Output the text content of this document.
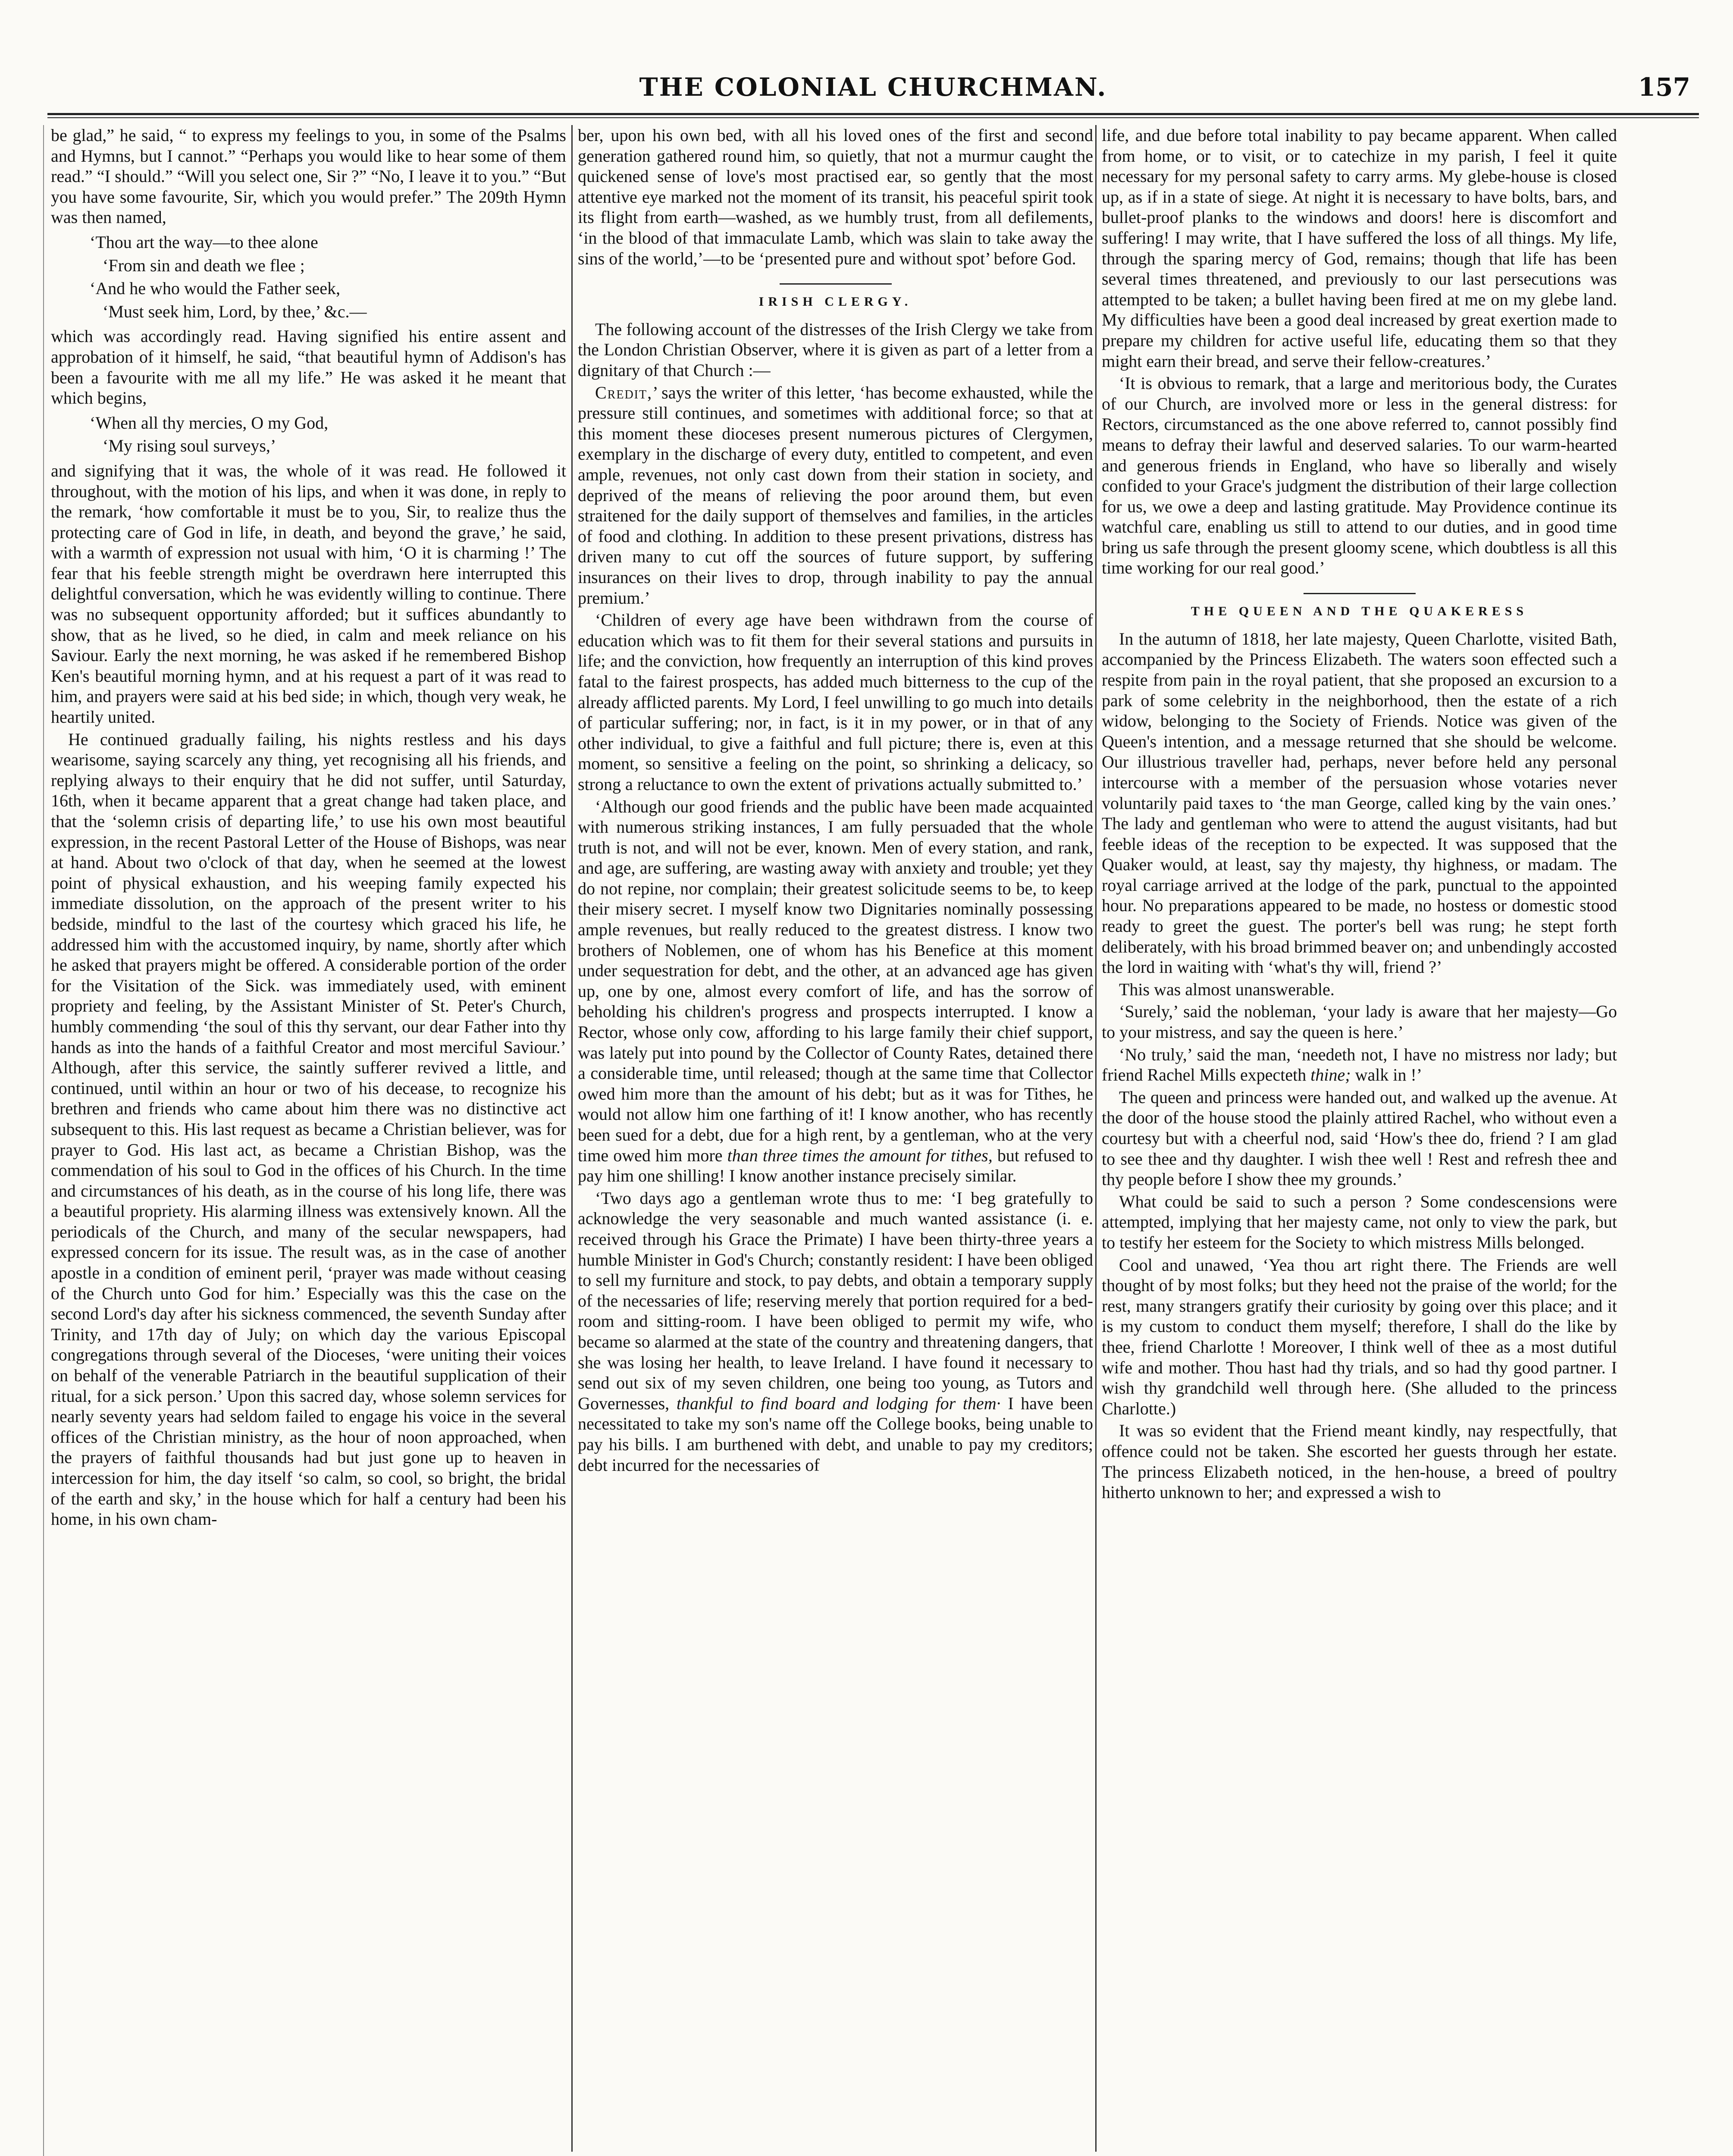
THE COLONIAL CHURCHMAN.	157

be glad,” he said, “ to express my feelings to you, in some of the Psalms and Hymns, but I cannot.” “Perhaps you would like to hear some of them read.” “I should.” “Will you select one, Sir ?” “No, I leave it to you.” “But you have some favourite, Sir, which you would prefer.” The 209th Hymn was then named,

‘Thou art the way—to thee alone
‘From sin and death we flee ;
‘And he who would the Father seek,
‘Must seek him, Lord, by thee,’ &c.—

which was accordingly read. Having signified his entire assent and approbation of it himself, he said, “that beautiful hymn of Addison's has been a favourite with me all my life.” He was asked it he meant that which begins,

‘When all thy mercies, O my God,
‘My rising soul surveys,’

and signifying that it was, the whole of it was read. He followed it throughout, with the motion of his lips, and when it was done, in reply to the remark, ‘how comfortable it must be to you, Sir, to realize thus the protecting care of God in life, in death, and beyond the grave,’ he said, with a warmth of expression not usual with him, ‘O it is charming !’ The fear that his feeble strength might be overdrawn here interrupted this delightful conversation, which he was evidently willing to continue. There was no subsequent opportunity afforded; but it suffices abundantly to show, that as he lived, so he died, in calm and meek reliance on his Saviour. Early the next morning, he was asked if he remembered Bishop Ken's beautiful morning hymn, and at his request a part of it was read to him, and prayers were said at his bed side; in which, though very weak, he heartily united.

He continued gradually failing, his nights restless and his days wearisome, saying scarcely any thing, yet recognising all his friends, and replying always to their enquiry that he did not suffer, until Saturday, 16th, when it became apparent that a great change had taken place, and that the ‘solemn crisis of departing life,’ to use his own most beautiful expression, in the recent Pastoral Letter of the House of Bishops, was near at hand. About two o'clock of that day, when he seemed at the lowest point of physical exhaustion, and his weeping family expected his immediate dissolution, on the approach of the present writer to his bedside, mindful to the last of the courtesy which graced his life, he addressed him with the accustomed inquiry, by name, shortly after which he asked that prayers might be offered. A considerable portion of the order for the Visitation of the Sick. was immediately used, with eminent propriety and feeling, by the Assistant Minister of St. Peter's Church, humbly commending ‘the soul of this thy servant, our dear Father into thy hands as into the hands of a faithful Creator and most merciful Saviour.’ Although, after this service, the saintly sufferer revived a little, and continued, until within an hour or two of his decease, to recognize his brethren and friends who came about him there was no distinctive act subsequent to this. His last request as became a Christian believer, was for prayer to God. His last act, as became a Christian Bishop, was the commendation of his soul to God in the offices of his Church. In the time and circumstances of his death, as in the course of his long life, there was a beautiful propriety. His alarming illness was extensively known. All the periodicals of the Church, and many of the secular newspapers, had expressed concern for its issue. The result was, as in the case of another apostle in a condition of eminent peril, ‘prayer was made without ceasing of the Church unto God for him.’ Especially was this the case on the second Lord's day after his sickness commenced, the seventh Sunday after Trinity, and 17th day of July; on which day the various Episcopal congregations through several of the Dioceses, ‘were uniting their voices on behalf of the venerable Patriarch in the beautiful supplication of their ritual, for a sick person.’ Upon this sacred day, whose solemn services for nearly seventy years had seldom failed to engage his voice in the several offices of the Christian ministry, as the hour of noon approached, when the prayers of faithful thousands had but just gone up to heaven in intercession for him, the day itself ‘so calm, so cool, so bright, the bridal of the earth and sky,’ in the house which for half a century had been his home, in his own cham-

ber, upon his own bed, with all his loved ones of the first and second generation gathered round him, so quietly, that not a murmur caught the quickened sense of love's most practised ear, so gently that the most attentive eye marked not the moment of its transit, his peaceful spirit took its flight from earth—washed, as we humbly trust, from all defilements, ‘in the blood of that immaculate Lamb, which was slain to take away the sins of the world,’—to be ‘presented pure and without spot’ before God.

IRISH CLERGY.

The following account of the distresses of the Irish Clergy we take from the London Christian Observer, where it is given as part of a letter from a dignitary of that Church :—

Credit,’ says the writer of this letter, ‘has become exhausted, while the pressure still continues, and sometimes with additional force; so that at this moment these dioceses present numerous pictures of Clergymen, exemplary in the discharge of every duty, entitled to competent, and even ample, revenues, not only cast down from their station in society, and deprived of the means of relieving the poor around them, but even straitened for the daily support of themselves and families, in the articles of food and clothing. In addition to these present privations, distress has driven many to cut off the sources of future support, by suffering insurances on their lives to drop, through inability to pay the annual premium.’

‘Children of every age have been withdrawn from the course of education which was to fit them for their several stations and pursuits in life; and the conviction, how frequently an interruption of this kind proves fatal to the fairest prospects, has added much bitterness to the cup of the already afflicted parents. My Lord, I feel unwilling to go much into details of particular suffering; nor, in fact, is it in my power, or in that of any other individual, to give a faithful and full picture; there is, even at this moment, so sensitive a feeling on the point, so shrinking a delicacy, so strong a reluctance to own the extent of privations actually submitted to.’

‘Although our good friends and the public have been made acquainted with numerous striking instances, I am fully persuaded that the whole truth is not, and will not be ever, known. Men of every station, and rank, and age, are suffering, are wasting away with anxiety and trouble; yet they do not repine, nor complain; their greatest solicitude seems to be, to keep their misery secret. I myself know two Dignitaries nominally possessing ample revenues, but really reduced to the greatest distress. I know two brothers of Noblemen, one of whom has his Benefice at this moment under sequestration for debt, and the other, at an advanced age has given up, one by one, almost every comfort of life, and has the sorrow of beholding his children's progress and prospects interrupted. I know a Rector, whose only cow, affording to his large family their chief support, was lately put into pound by the Collector of County Rates, detained there a considerable time, until released; though at the same time that Collector owed him more than the amount of his debt; but as it was for Tithes, he would not allow him one farthing of it! I know another, who has recently been sued for a debt, due for a high rent, by a gentleman, who at the very time owed him more than three times the amount for tithes, but refused to pay him one shilling! I know another instance precisely similar.

‘Two days ago a gentleman wrote thus to me: ‘I beg gratefully to acknowledge the very seasonable and much wanted assistance (i. e. received through his Grace the Primate) I have been thirty-three years a humble Minister in God's Church; constantly resident: I have been obliged to sell my furniture and stock, to pay debts, and obtain a temporary supply of the necessaries of life; reserving merely that portion required for a bed-room and sitting-room. I have been obliged to permit my wife, who became so alarmed at the state of the country and threatening dangers, that she was losing her health, to leave Ireland. I have found it necessary to send out six of my seven children, one being too young, as Tutors and Governesses, thankful to find board and lodging for them· I have been necessitated to take my son's name off the College books, being unable to pay his bills. I am burthened with debt, and unable to pay my creditors; debt incurred for the necessaries of

life, and due before total inability to pay became apparent. When called from home, or to visit, or to catechize in my parish, I feel it quite necessary for my personal safety to carry arms. My glebe-house is closed up, as if in a state of siege. At night it is necessary to have bolts, bars, and bullet-proof planks to the windows and doors! here is discomfort and suffering! I may write, that I have suffered the loss of all things. My life, through the sparing mercy of God, remains; though that life has been several times threatened, and previously to our last persecutions was attempted to be taken; a bullet having been fired at me on my glebe land. My difficulties have been a good deal increased by great exertion made to prepare my children for active useful life, educating them so that they might earn their bread, and serve their fellow-creatures.’

‘It is obvious to remark, that a large and meritorious body, the Curates of our Church, are involved more or less in the general distress: for Rectors, circumstanced as the one above referred to, cannot possibly find means to defray their lawful and deserved salaries. To our warm-hearted and generous friends in England, who have so liberally and wisely confided to your Grace's judgment the distribution of their large collection for us, we owe a deep and lasting gratitude. May Providence continue its watchful care, enabling us still to attend to our duties, and in good time bring us safe through the present gloomy scene, which doubtless is all this time working for our real good.’

THE QUEEN AND THE QUAKERESS

In the autumn of 1818, her late majesty, Queen Charlotte, visited Bath, accompanied by the Princess Elizabeth. The waters soon effected such a respite from pain in the royal patient, that she proposed an excursion to a park of some celebrity in the neighborhood, then the estate of a rich widow, belonging to the Society of Friends. Notice was given of the Queen's intention, and a message returned that she should be welcome. Our illustrious traveller had, perhaps, never before held any personal intercourse with a member of the persuasion whose votaries never voluntarily paid taxes to ‘the man George, called king by the vain ones.’ The lady and gentleman who were to attend the august visitants, had but feeble ideas of the reception to be expected. It was supposed that the Quaker would, at least, say thy majesty, thy highness, or madam. The royal carriage arrived at the lodge of the park, punctual to the appointed hour. No preparations appeared to be made, no hostess or domestic stood ready to greet the guest. The porter's bell was rung; he stept forth deliberately, with his broad brimmed beaver on; and unbendingly accosted the lord in waiting with ‘what's thy will, friend ?’

This was almost unanswerable.

‘Surely,’ said the nobleman, ‘your lady is aware that her majesty—Go to your mistress, and say the queen is here.’

‘No truly,’ said the man, ‘needeth not, I have no mistress nor lady; but friend Rachel Mills expecteth thine; walk in !’

The queen and princess were handed out, and walked up the avenue. At the door of the house stood the plainly attired Rachel, who without even a courtesy but with a cheerful nod, said ‘How's thee do, friend ? I am glad to see thee and thy daughter. I wish thee well ! Rest and refresh thee and thy people before I show thee my grounds.’

What could be said to such a person ? Some condescensions were attempted, implying that her majesty came, not only to view the park, but to testify her esteem for the Society to which mistress Mills belonged.

Cool and unawed, ‘Yea thou art right there. The Friends are well thought of by most folks; but they heed not the praise of the world; for the rest, many strangers gratify their curiosity by going over this place; and it is my custom to conduct them myself; therefore, I shall do the like by thee, friend Charlotte ! Moreover, I think well of thee as a most dutiful wife and mother. Thou hast had thy trials, and so had thy good partner. I wish thy grandchild well through here. (She alluded to the princess Charlotte.)

It was so evident that the Friend meant kindly, nay respectfully, that offence could not be taken. She escorted her guests through her estate. The princess Elizabeth noticed, in the hen-house, a breed of poultry hitherto unknown to her; and expressed a wish to
